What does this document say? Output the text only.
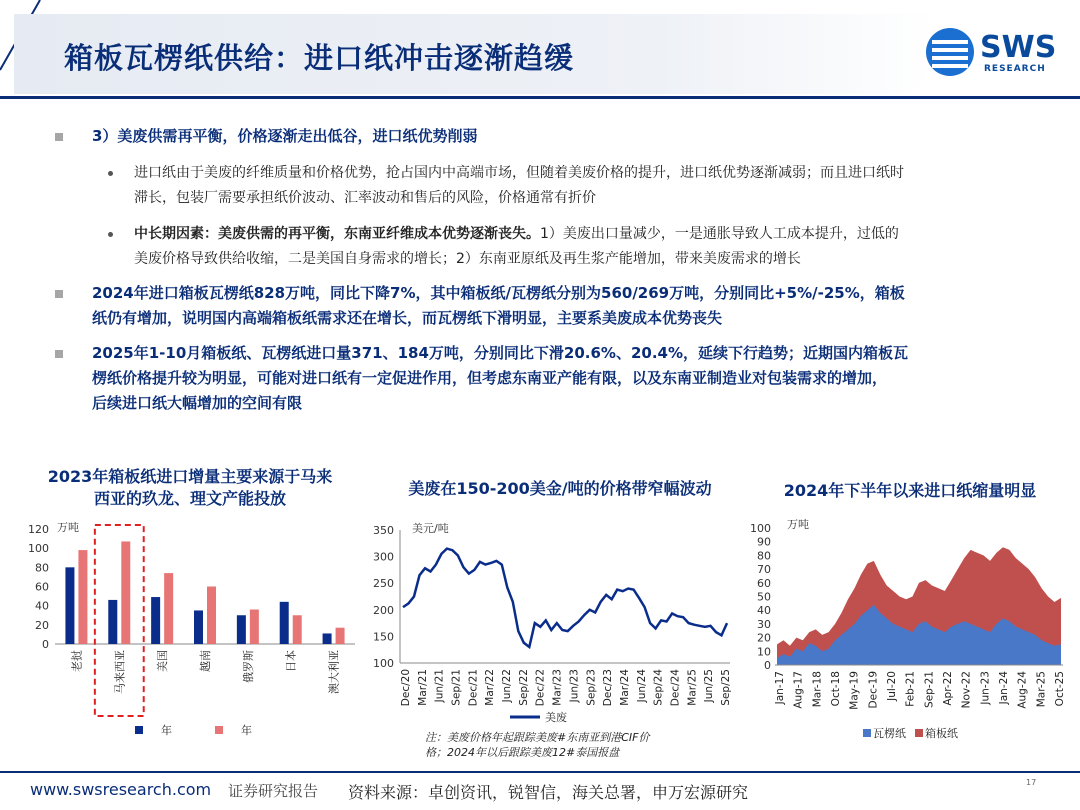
箱板瓦楞纸供给：进口纸冲击逐渐趋缓	SWS
RESEARCH
3）美废供需再平衡，价格逐渐走出低谷，进口纸优势削弱
进口纸由于美废的纤维质量和价格优势，抢占国内中高端市场，但随着美废价格的提升，进口纸优势逐渐减弱；而且进口纸时
滞长，包装厂需要承担纸价波动、汇率波动和售后的风险，价格通常有折价
中长期因素：美废供需的再平衡，东南亚纤维成本优势逐渐丧失。1）美废出口量减少，一是通胀导致人工成本提升，过低的
美废价格导致供给收缩，二是美国自身需求的增长；2）东南亚原纸及再生浆产能增加，带来美废需求的增长
2024年进口箱板瓦楞纸828万吨，同比下降7%，其中箱板纸/瓦楞纸分别为560/269万吨，分别同比+5%/-25%，箱板
纸仍有增加，说明国内高端箱板纸需求还在增长，而瓦楞纸下滑明显，主要系美废成本优势丧失
2025年1-10月箱板纸、瓦楞纸进口量371、184万吨，分别同比下滑20.6%、20.4%，延续下行趋势；近期国内箱板瓦
楞纸价格提升较为明显，可能对进口纸有一定促进作用，但考虑东南亚产能有限，以及东南亚制造业对包装需求的增加，
后续进口纸大幅增加的空间有限
2023年箱板纸进口增量主要来源于马来
西亚的玖龙、理文产能投放
美废在150-200美金/吨的价格带窄幅波动	2024年下半年以来进口纸缩量明显
0
20
40
60
80
100
120 万吨
老挝	马来西亚	美国	越南	俄罗斯	日本	澳大利亚
年	年
100
150
200
250
300
350 美元/吨
Dec/20 Mar/21 Jun/21 Sep/21 Dec/21 Mar/22 Jun/22 Sep/22 Dec/22 Mar/23 Jun/23 Sep/23 Dec/23 Mar/24 Jun/24 Sep/24 Dec/24 Mar/25 Jun/25 Sep/25
美废
0
10
20
30
40
50
60
70
80
90
100 万吨
Jan-17 Aug-17 Mar-18 Oct-18 May-19 Dec-19 Jul-20 Feb-21 Sep-21 Apr-22 Nov-22 Jun-23 Jan-24 Aug-24 Mar-25 Oct-25
瓦楞纸 箱板纸
注：美废价格年起跟踪美废#东南亚到港CIF价
格；2024年以后跟踪美废12#泰国报盘
www.swsresearch.com 证券研究报告 资料来源：卓创资讯，锐智信，海关总署，申万宏源研究
17
